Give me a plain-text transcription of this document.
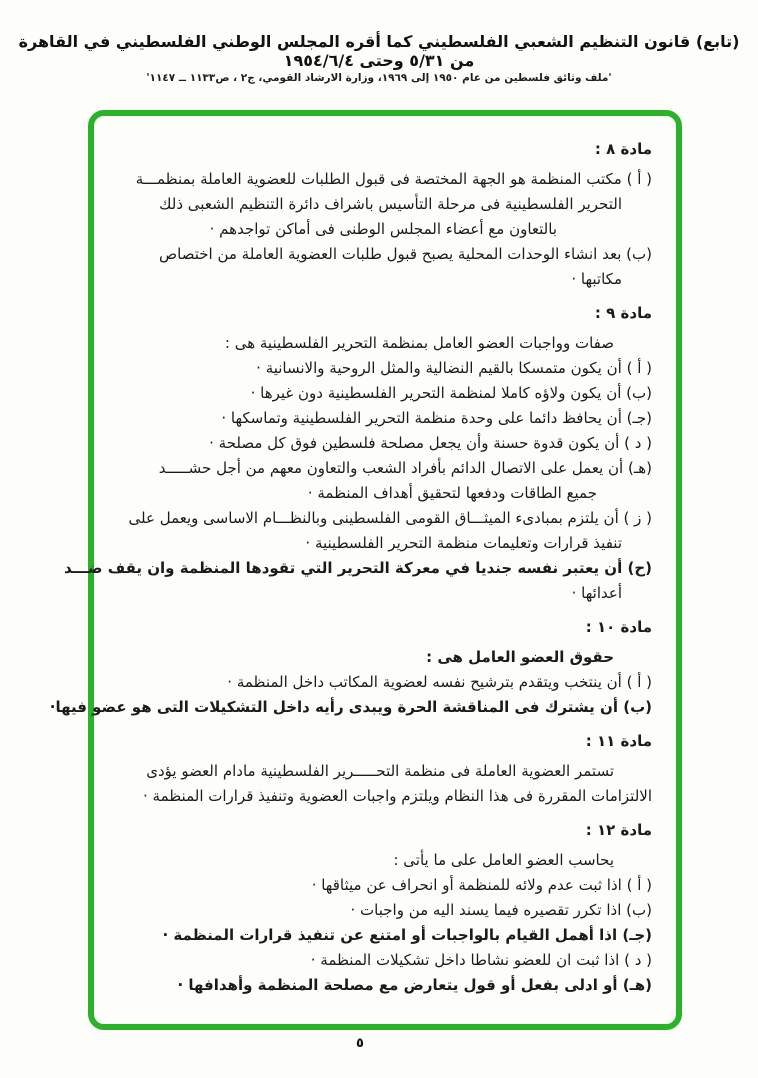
(تابع) قانون التنظيم الشعبي الفلسطيني كما أقره المجلس الوطني الفلسطيني في القاهرة من ٥/٣١ وحتى ١٩٥٤/٦/٤
'ملف وثائق فلسطين من عام ١٩٥٠ إلى ١٩٦٩، وزارة الارشاد القومي، ج٢ ، ص١١٣٣ ــ ١١٤٧'
مادة ٨ :
( أ ) مكتب المنظمة هو الجهة المختصة فى قبول الطلبات للعضوية العاملة بمنظمـــة
التحرير الفلسطينية فى مرحلة التأسيس باشراف دائرة التنظيم الشعبى ذلك
بالتعاون مع أعضاء المجلس الوطنى فى أماكن تواجدهم ·
(ب) بعد انشاء الوحدات المحلية يصبح قبول طلبات العضوية العاملة من اختصاص
مكاتبها ·
مادة ٩ :
صفات وواجبات العضو العامل بمنظمة التحرير الفلسطينية هى :
( أ ) أن يكون متمسكا بالقيم النضالية والمثل الروحية والانسانية ·
(ب) أن يكون ولاؤه كاملا لمنظمة التحرير الفلسطينية دون غيرها ·
(جـ) أن يحافظ دائما على وحدة منظمة التحرير الفلسطينية وتماسكها ·
( د ) أن يكون قدوة حسنة وأن يجعل مصلحة فلسطين فوق كل مصلحة ·
(هـ) أن يعمل على الاتصال الدائم بأفراد الشعب والتعاون معهم من أجل حشـــــد
جميع الطاقات ودفعها لتحقيق أهداف المنظمة ·
( ز ) أن يلتزم بمبادىء الميثـــاق القومى الفلسطينى وبالنظـــام الاساسى ويعمل على
تنفيذ قرارات وتعليمات منظمة التحرير الفلسطينية ·
(ح) أن يعتبر نفسه جنديا في معركة التحرير التي تقودها المنظمة وان يقف ضـــد
أعدائها ·
مادة ١٠ :
حقوق العضو العامل هى :
( أ ) أن ينتخب ويتقدم بترشيح نفسه لعضوية المكاتب داخل المنظمة ·
(ب) أن يشترك فى المناقشة الحرة ويبدى رأيه داخل التشكيلات التى هو عضو فيها·
مادة ١١ :
تستمر العضوية العاملة فى منظمة التحـــــرير الفلسطينية مادام العضو يؤدى
الالتزامات المقررة فى هذا النظام ويلتزم واجبات العضوية وتنفيذ قرارات المنظمة ·
مادة ١٢ :
يحاسب العضو العامل على ما يأتى :
( أ ) اذا ثبت عدم ولائه للمنظمة أو انحراف عن ميثاقها ·
(ب) اذا تكرر تقصيره فيما يسند اليه من واجبات ·
(جـ) اذا أهمل القيام بالواجبات أو امتنع عن تنفيذ قرارات المنظمة ·
( د ) اذا ثبت ان للعضو نشاطا داخل تشكيلات المنظمة ·
(هـ) أو ادلى بفعل أو قول يتعارض مع مصلحة المنظمة وأهدافها ·
٥
